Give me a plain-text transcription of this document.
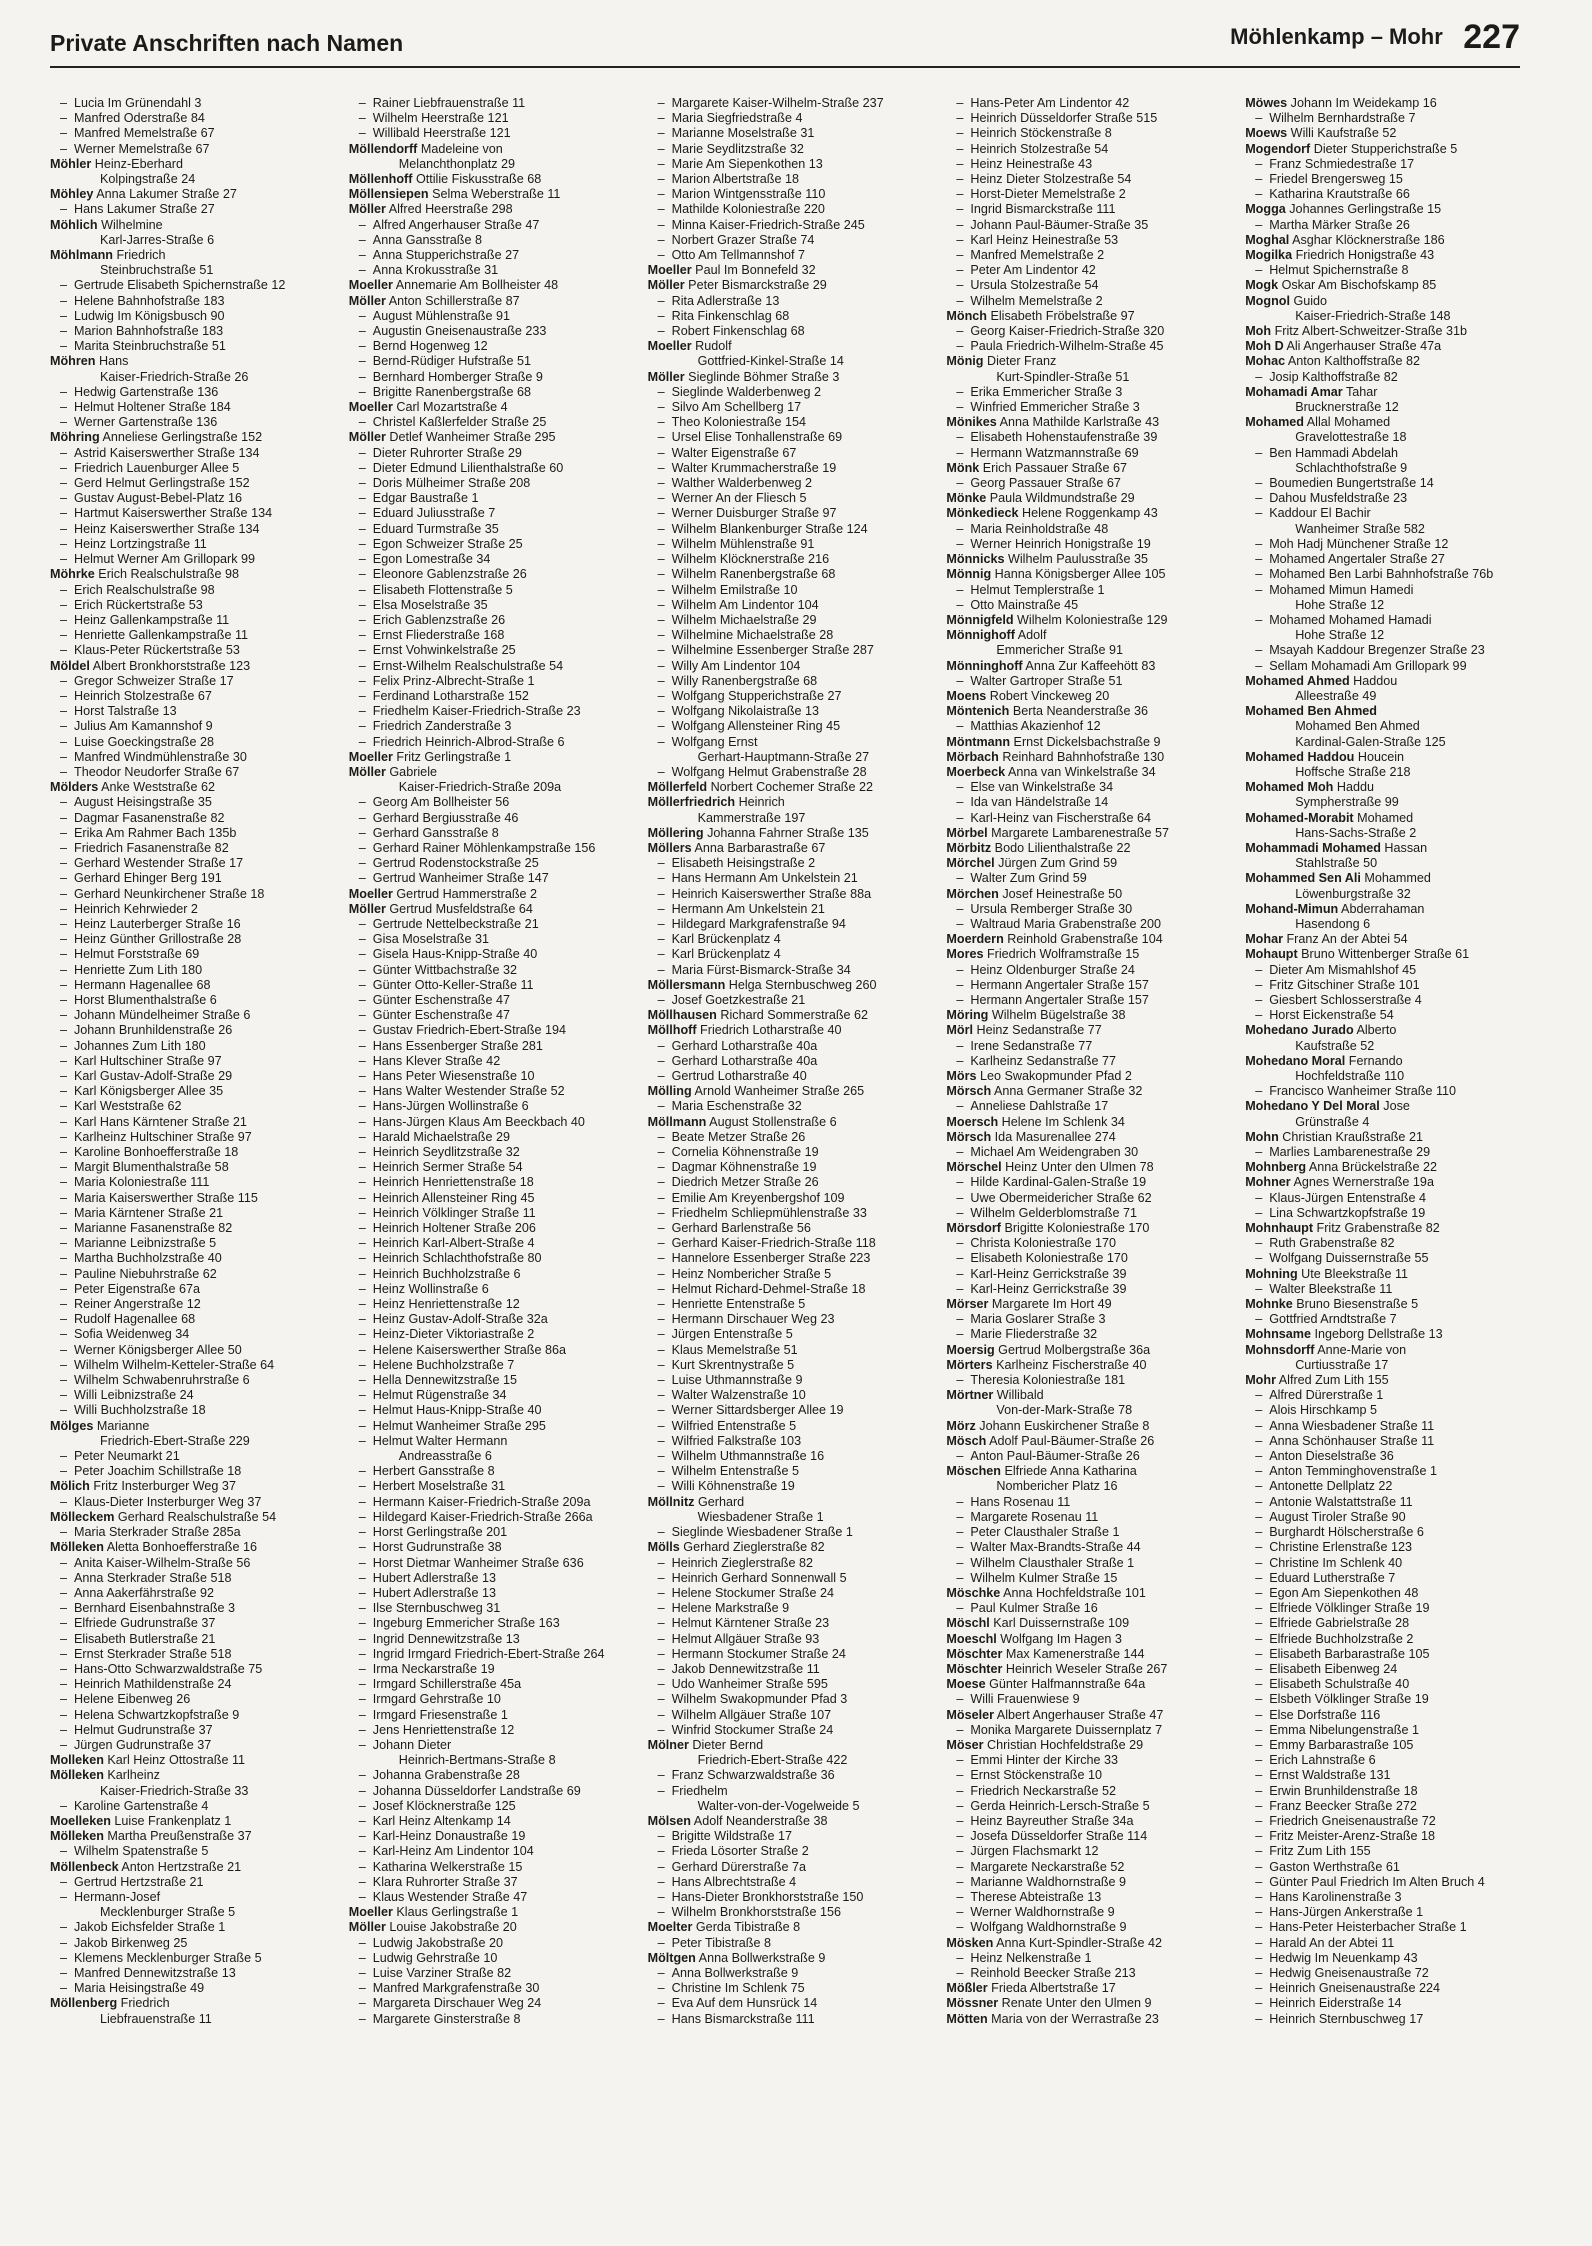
Private Anschriften nach Namen	Möhlenkamp – Mohr 227
– Lucia Im Grünendahl 3
– Manfred Oderstraße 84
– Manfred Memelstraße 67
– Werner Memelstraße 67
Möhler Heinz-Eberhard
Kolpingstraße 24
Möhley Anna Lakumer Straße 27
– Hans Lakumer Straße 27
Möhlich Wilhelmine
Karl-Jarres-Straße 6
Möhlmann Friedrich
Steinbruchstraße 51
– Gertrude Elisabeth Spichernstraße 12
– Helene Bahnhofstraße 183
– Ludwig Im Königsbusch 90
– Marion Bahnhofstraße 183
– Marita Steinbruchstraße 51
Möhren Hans
Kaiser-Friedrich-Straße 26
– Hedwig Gartenstraße 136
– Helmut Holtener Straße 184
– Werner Gartenstraße 136
Möhring Anneliese Gerlingstraße 152
– Astrid Kaiserswerther Straße 134
– Friedrich Lauenburger Allee 5
– Gerd Helmut Gerlingstraße 152
– Gustav August-Bebel-Platz 16
– Hartmut Kaiserswerther Straße 134
– Heinz Kaiserswerther Straße 134
– Heinz Lortzingstraße 11
– Helmut Werner Am Grillopark 99
Möhrke Erich Realschulstraße 98
– Erich Realschulstraße 98
– Erich Rückertstraße 53
– Heinz Gallenkampstraße 11
– Henriette Gallenkampstraße 11
– Klaus-Peter Rückertstraße 53
Möldel Albert Bronkhorststraße 123
– Gregor Schweizer Straße 17
– Heinrich Stolzestraße 67
– Horst Talstraße 13
– Julius Am Kamannshof 9
– Luise Goeckingstraße 28
– Manfred Windmühlenstraße 30
– Theodor Neudorfer Straße 67
Mölders Anke Weststraße 62
– August Heisingstraße 35
– Dagmar Fasanenstraße 82
– Erika Am Rahmer Bach 135b
– Friedrich Fasanenstraße 82
– Gerhard Westender Straße 17
– Gerhard Ehinger Berg 191
– Gerhard Neunkirchener Straße 18
– Heinrich Kehrwieder 2
– Heinz Lauterberger Straße 16
– Heinz Günther Grillostraße 28
– Helmut Forststraße 69
– Henriette Zum Lith 180
– Hermann Hagenallee 68
– Horst Blumenthalstraße 6
– Johann Mündelheimer Straße 6
– Johann Brunhildenstraße 26
– Johannes Zum Lith 180
– Karl Hultschiner Straße 97
– Karl Gustav-Adolf-Straße 29
– Karl Königsberger Allee 35
– Karl Weststraße 62
– Karl Hans Kärntener Straße 21
– Karlheinz Hultschiner Straße 97
– Karoline Bonhoefferstraße 18
– Margit Blumenthalstraße 58
– Maria Koloniestraße 111
– Maria Kaiserswerther Straße 115
– Maria Kärntener Straße 21
– Marianne Fasanenstraße 82
– Marianne Leibnizstraße 5
– Martha Buchholzstraße 40
– Pauline Niebuhrstraße 62
– Peter Eigenstraße 67a
– Reiner Angerstraße 12
– Rudolf Hagenallee 68
– Sofia Weidenweg 34
– Werner Königsberger Allee 50
– Wilhelm Wilhelm-Ketteler-Straße 64
– Wilhelm Schwabenruhrstraße 6
– Willi Leibnizstraße 24
– Willi Buchholzstraße 18
Mölges Marianne
Friedrich-Ebert-Straße 229
– Peter Neumarkt 21
– Peter Joachim Schillstraße 18
Mölich Fritz Insterburger Weg 37
– Klaus-Dieter Insterburger Weg 37
Mölleckem Gerhard Realschulstraße 54
– Maria Sterkrader Straße 285a
Mölleken Aletta Bonhoefferstraße 16
– Anita Kaiser-Wilhelm-Straße 56
– Anna Sterkrader Straße 518
– Anna Aakerfährstraße 92
– Bernhard Eisenbahnstraße 3
– Elfriede Gudrunstraße 37
– Elisabeth Butlerstraße 21
– Ernst Sterkrader Straße 518
– Hans-Otto Schwarzwaldstraße 75
– Heinrich Mathildenstraße 24
– Helene Eibenweg 26
– Helena Schwartzkopfstraße 9
– Helmut Gudrunstraße 37
– Jürgen Gudrunstraße 37
Molleken Karl Heinz Ottostraße 11
Mölleken Karlheinz
Kaiser-Friedrich-Straße 33
– Karoline Gartenstraße 4
Moelleken Luise Frankenplatz 1
Mölleken Martha Preußenstraße 37
– Wilhelm Spatenstraße 5
Möllenbeck Anton Hertzstraße 21
– Gertrud Hertzstraße 21
– Hermann-Josef
Mecklenburger Straße 5
– Jakob Eichsfelder Straße 1
– Jakob Birkenweg 25
– Klemens Mecklenburger Straße 5
– Manfred Dennewitzstraße 13
– Maria Heisingstraße 49
Möllenberg Friedrich
Liebfrauenstraße 11
– Rainer Liebfrauenstraße 11
– Wilhelm Heerstraße 121
– Willibald Heerstraße 121
Möllendorff Madeleine von
Melanchthonplatz 29
Möllenhoff Ottilie Fiskusstraße 68
Möllensiepen Selma Weberstraße 11
Möller Alfred Heerstraße 298
– Alfred Angerhauser Straße 47
– Anna Gansstraße 8
– Anna Stupperichstraße 27
– Anna Krokusstraße 31
Moeller Annemarie Am Bollheister 48
Möller Anton Schillerstraße 87
– August Mühlenstraße 91
– Augustin Gneisenaustraße 233
– Bernd Hogenweg 12
– Bernd-Rüdiger Hufstraße 51
– Bernhard Homberger Straße 9
– Brigitte Ranenbergstraße 68
Moeller Carl Mozartstraße 4
– Christel Kaßlerfelder Straße 25
Möller Detlef Wanheimer Straße 295
– Dieter Ruhrorter Straße 29
– Dieter Edmund Lilienthalstraße 60
– Doris Mülheimer Straße 208
– Edgar Baustraße 1
– Eduard Juliusstraße 7
– Eduard Turmstraße 35
– Egon Schweizer Straße 25
– Egon Lomestraße 34
– Eleonore Gablenzstraße 26
– Elisabeth Flottenstraße 5
– Elsa Moselstraße 35
– Erich Gablenzstraße 26
– Ernst Fliederstraße 168
– Ernst Vohwinkelstraße 25
– Ernst-Wilhelm Realschulstraße 54
– Felix Prinz-Albrecht-Straße 1
– Ferdinand Lotharstraße 152
– Friedhelm Kaiser-Friedrich-Straße 23
– Friedrich Zanderstraße 3
– Friedrich Heinrich-Albrod-Straße 6
Moeller Fritz Gerlingstraße 1
Möller Gabriele
Kaiser-Friedrich-Straße 209a
– Georg Am Bollheister 56
– Gerhard Bergiusstraße 46
– Gerhard Gansstraße 8
– Gerhard Rainer Möhlenkampstraße 156
– Gertrud Rodenstockstraße 25
– Gertrud Wanheimer Straße 147
Moeller Gertrud Hammerstraße 2
Möller Gertrud Musfeldstraße 64
– Gertrude Nettelbeckstraße 21
– Gisa Moselstraße 31
– Gisela Haus-Knipp-Straße 40
– Günter Wittbachstraße 32
– Günter Otto-Keller-Straße 11
– Günter Eschenstraße 47
– Günter Eschenstraße 47
– Gustav Friedrich-Ebert-Straße 194
– Hans Essenberger Straße 281
– Hans Klever Straße 42
– Hans Peter Wiesenstraße 10
– Hans Walter Westender Straße 52
– Hans-Jürgen Wollinstraße 6
– Hans-Jürgen Klaus Am Beeckbach 40
– Harald Michaelstraße 29
– Heinrich Seydlitzstraße 32
– Heinrich Sermer Straße 54
– Heinrich Henriettenstraße 18
– Heinrich Allensteiner Ring 45
– Heinrich Völklinger Straße 11
– Heinrich Holtener Straße 206
– Heinrich Karl-Albert-Straße 4
– Heinrich Schlachthofstraße 80
– Heinrich Buchholzstraße 6
– Heinz Wollinstraße 6
– Heinz Henriettenstraße 12
– Heinz Gustav-Adolf-Straße 32a
– Heinz-Dieter Viktoriastraße 2
– Helene Kaiserswerther Straße 86a
– Helene Buchholzstraße 7
– Hella Dennewitzstraße 15
– Helmut Rügenstraße 34
– Helmut Haus-Knipp-Straße 40
– Helmut Wanheimer Straße 295
– Helmut Walter Hermann
Andreasstraße 6
– Herbert Gansstraße 8
– Herbert Moselstraße 31
– Hermann Kaiser-Friedrich-Straße 209a
– Hildegard Kaiser-Friedrich-Straße 266a
– Horst Gerlingstraße 201
– Horst Gudrunstraße 38
– Horst Dietmar Wanheimer Straße 636
– Hubert Adlerstraße 13
– Hubert Adlerstraße 13
– Ilse Sternbuschweg 31
– Ingeburg Emmericher Straße 163
– Ingrid Dennewitzstraße 13
– Ingrid Irmgard Friedrich-Ebert-Straße 264
– Irma Neckarstraße 19
– Irmgard Schillerstraße 45a
– Irmgard Gehrstraße 10
– Irmgard Friesenstraße 1
– Jens Henriettenstraße 12
– Johann Dieter
Heinrich-Bertmans-Straße 8
– Johanna Grabenstraße 28
– Johanna Düsseldorfer Landstraße 69
– Josef Klöcknerstraße 125
– Karl Heinz Altenkamp 14
– Karl-Heinz Donaustraße 19
– Karl-Heinz Am Lindentor 104
– Katharina Welkerstraße 15
– Klara Ruhrorter Straße 37
– Klaus Westender Straße 47
Moeller Klaus Gerlingstraße 1
Möller Louise Jakobstraße 20
– Ludwig Jakobstraße 20
– Ludwig Gehrstraße 10
– Luise Varziner Straße 82
– Manfred Markgrafenstraße 30
– Margareta Dirschauer Weg 24
– Margarete Ginsterstraße 8
– Margarete Kaiser-Wilhelm-Straße 237
– Maria Siegfriedstraße 4
– Marianne Moselstraße 31
– Marie Seydlitzstraße 32
– Marie Am Siepenkothen 13
– Marion Albertstraße 18
– Marion Wintgensstraße 110
– Mathilde Koloniestraße 220
– Minna Kaiser-Friedrich-Straße 245
– Norbert Grazer Straße 74
– Otto Am Tellmannshof 7
Moeller Paul Im Bonnefeld 32
Möller Peter Bismarckstraße 29
– Rita Adlerstraße 13
– Rita Finkenschlag 68
– Robert Finkenschlag 68
Moeller Rudolf
Gottfried-Kinkel-Straße 14
Möller Sieglinde Böhmer Straße 3
– Sieglinde Walderbenweg 2
– Silvo Am Schellberg 17
– Theo Koloniestraße 154
– Ursel Elise Tonhallenstraße 69
– Walter Eigenstraße 67
– Walter Krummacherstraße 19
– Walther Walderbenweg 2
– Werner An der Fliesch 5
– Werner Duisburger Straße 97
– Wilhelm Blankenburger Straße 124
– Wilhelm Mühlenstraße 91
– Wilhelm Klöcknerstraße 216
– Wilhelm Ranenbergstraße 68
– Wilhelm Emilstraße 10
– Wilhelm Am Lindentor 104
– Wilhelm Michaelstraße 29
– Wilhelmine Michaelstraße 28
– Wilhelmine Essenberger Straße 287
– Willy Am Lindentor 104
– Willy Ranenbergstraße 68
– Wolfgang Stupperichstraße 27
– Wolfgang Nikolaistraße 13
– Wolfgang Allensteiner Ring 45
– Wolfgang Ernst
Gerhart-Hauptmann-Straße 27
– Wolfgang Helmut Grabenstraße 28
Möllerfeld Norbert Cochemer Straße 22
Möllerfriedrich Heinrich
Kammerstraße 197
Möllering Johanna Fahrner Straße 135
Möllers Anna Barbarastraße 67
– Elisabeth Heisingstraße 2
– Hans Hermann Am Unkelstein 21
– Heinrich Kaiserswerther Straße 88a
– Hermann Am Unkelstein 21
– Hildegard Markgrafenstraße 94
– Karl Brückenplatz 4
– Karl Brückenplatz 4
– Maria Fürst-Bismarck-Straße 34
Möllersmann Helga Sternbuschweg 260
– Josef Goetzkestraße 21
Möllhausen Richard Sommerstraße 62
Möllhoff Friedrich Lotharstraße 40
– Gerhard Lotharstraße 40a
– Gerhard Lotharstraße 40a
– Gertrud Lotharstraße 40
Mölling Arnold Wanheimer Straße 265
– Maria Eschenstraße 32
Möllmann August Stollenstraße 6
– Beate Metzer Straße 26
– Cornelia Köhnenstraße 19
– Dagmar Köhnenstraße 19
– Diedrich Metzer Straße 26
– Emilie Am Kreyenbergshof 109
– Friedhelm Schliepmühlenstraße 33
– Gerhard Barlenstraße 56
– Gerhard Kaiser-Friedrich-Straße 118
– Hannelore Essenberger Straße 223
– Heinz Nombericher Straße 5
– Helmut Richard-Dehmel-Straße 18
– Henriette Entenstraße 5
– Hermann Dirschauer Weg 23
– Jürgen Entenstraße 5
– Klaus Memelstraße 51
– Kurt Skrentnystraße 5
– Luise Uthmannstraße 9
– Walter Walzenstraße 10
– Werner Sittardsberger Allee 19
– Wilfried Entenstraße 5
– Wilfried Falkstraße 103
– Wilhelm Uthmannstraße 16
– Wilhelm Entenstraße 5
– Willi Köhnenstraße 19
Möllnitz Gerhard
Wiesbadener Straße 1
– Sieglinde Wiesbadener Straße 1
Mölls Gerhard Zieglerstraße 82
– Heinrich Zieglerstraße 82
– Heinrich Gerhard Sonnenwall 5
– Helene Stockumer Straße 24
– Helene Markstraße 9
– Helmut Kärntener Straße 23
– Helmut Allgäuer Straße 93
– Hermann Stockumer Straße 24
– Jakob Dennewitzstraße 11
– Udo Wanheimer Straße 595
– Wilhelm Swakopmunder Pfad 3
– Wilhelm Allgäuer Straße 107
– Winfrid Stockumer Straße 24
Mölner Dieter Bernd
Friedrich-Ebert-Straße 422
– Franz Schwarzwaldstraße 36
– Friedhelm
Walter-von-der-Vogelweide 5
Mölsen Adolf Neanderstraße 38
– Brigitte Wildstraße 17
– Frieda Lösorter Straße 2
– Gerhard Dürerstraße 7a
– Hans Albrechtstraße 4
– Hans-Dieter Bronkhorststraße 150
– Wilhelm Bronkhorststraße 156
Moelter Gerda Tibistraße 8
– Peter Tibistraße 8
Möltgen Anna Bollwerkstraße 9
– Anna Bollwerkstraße 9
– Christine Im Schlenk 75
– Eva Auf dem Hunsrück 14
– Hans Bismarckstraße 111
– Hans-Peter Am Lindentor 42
– Heinrich Düsseldorfer Straße 515
– Heinrich Stöckenstraße 8
– Heinrich Stolzestraße 54
– Heinz Heinestraße 43
– Heinz Dieter Stolzestraße 54
– Horst-Dieter Memelstraße 2
– Ingrid Bismarckstraße 111
– Johann Paul-Bäumer-Straße 35
– Karl Heinz Heinestraße 53
– Manfred Memelstraße 2
– Peter Am Lindentor 42
– Ursula Stolzestraße 54
– Wilhelm Memelstraße 2
Mönch Elisabeth Fröbelstraße 97
– Georg Kaiser-Friedrich-Straße 320
– Paula Friedrich-Wilhelm-Straße 45
Mönig Dieter Franz
Kurt-Spindler-Straße 51
– Erika Emmericher Straße 3
– Winfried Emmericher Straße 3
Mönikes Anna Mathilde Karlstraße 43
– Elisabeth Hohenstaufenstraße 39
– Hermann Watzmannstraße 69
Mönk Erich Passauer Straße 67
– Georg Passauer Straße 67
Mönke Paula Wildmundstraße 29
Mönkedieck Helene Roggenkamp 43
– Maria Reinholdstraße 48
– Werner Heinrich Honigstraße 19
Mönnicks Wilhelm Paulusstraße 35
Mönnig Hanna Königsberger Allee 105
– Helmut Templerstraße 1
– Otto Mainstraße 45
Mönnigfeld Wilhelm Koloniestraße 129
Mönnighoff Adolf
Emmericher Straße 91
Mönninghoff Anna Zur Kaffeehött 83
– Walter Gartroper Straße 51
Moens Robert Vinckeweg 20
Möntenich Berta Neanderstraße 36
– Matthias Akazienhof 12
Möntmann Ernst Dickelsbachstraße 9
Mörbach Reinhard Bahnhofstraße 130
Moerbeck Anna van Winkelstraße 34
– Else van Winkelstraße 34
– Ida van Händelstraße 14
– Karl-Heinz van Fischerstraße 64
Mörbel Margarete Lambarenestraße 57
Mörbitz Bodo Lilienthalstraße 22
Mörchel Jürgen Zum Grind 59
– Walter Zum Grind 59
Mörchen Josef Heinestraße 50
– Ursula Remberger Straße 30
– Waltraud Maria Grabenstraße 200
Moerdern Reinhold Grabenstraße 104
Mores Friedrich Wolframstraße 15
– Heinz Oldenburger Straße 24
– Hermann Angertaler Straße 157
– Hermann Angertaler Straße 157
Möring Wilhelm Bügelstraße 38
Mörl Heinz Sedanstraße 77
– Irene Sedanstraße 77
– Karlheinz Sedanstraße 77
Mörs Leo Swakopmunder Pfad 2
Mörsch Anna Germaner Straße 32
– Anneliese Dahlstraße 17
Moersch Helene Im Schlenk 34
Mörsch Ida Masurenallee 274
– Michael Am Weidengraben 30
Mörschel Heinz Unter den Ulmen 78
– Hilde Kardinal-Galen-Straße 19
– Uwe Obermeidericher Straße 62
– Wilhelm Gelderblomstraße 71
Mörsdorf Brigitte Koloniestraße 170
– Christa Koloniestraße 170
– Elisabeth Koloniestraße 170
– Karl-Heinz Gerrickstraße 39
– Karl-Heinz Gerrickstraße 39
Mörser Margarete Im Hort 49
– Maria Goslarer Straße 3
– Marie Fliederstraße 32
Moersig Gertrud Molbergstraße 36a
Mörters Karlheinz Fischerstraße 40
– Theresia Koloniestraße 181
Mörtner Willibald
Von-der-Mark-Straße 78
Mörz Johann Euskirchener Straße 8
Mösch Adolf Paul-Bäumer-Straße 26
– Anton Paul-Bäumer-Straße 26
Möschen Elfriede Anna Katharina
Nombericher Platz 16
– Hans Rosenau 11
– Margarete Rosenau 11
– Peter Clausthaler Straße 1
– Walter Max-Brandts-Straße 44
– Wilhelm Clausthaler Straße 1
– Wilhelm Kulmer Straße 15
Möschke Anna Hochfeldstraße 101
– Paul Kulmer Straße 16
Möschl Karl Duissernstraße 109
Moeschl Wolfgang Im Hagen 3
Möschter Max Kamenerstraße 144
Möschter Heinrich Weseler Straße 267
Moese Günter Halfmannstraße 64a
– Willi Frauenwiese 9
Möseler Albert Angerhauser Straße 47
– Monika Margarete Duissernplatz 7
Möser Christian Hochfeldstraße 29
– Emmi Hinter der Kirche 33
– Ernst Stöckenstraße 10
– Friedrich Neckarstraße 52
– Gerda Heinrich-Lersch-Straße 5
– Heinz Bayreuther Straße 34a
– Josefa Düsseldorfer Straße 114
– Jürgen Flachsmarkt 12
– Margarete Neckarstraße 52
– Marianne Waldhornstraße 9
– Therese Abteistraße 13
– Werner Waldhornstraße 9
– Wolfgang Waldhornstraße 9
Mösken Anna Kurt-Spindler-Straße 42
– Heinz Nelkenstraße 1
– Reinhold Beecker Straße 213
Mößler Frieda Albertstraße 17
Mössner Renate Unter den Ulmen 9
Mötten Maria von der Werrastraße 23
Möwes Johann Im Weidekamp 16
– Wilhelm Bernhardstraße 7
Moews Willi Kaufstraße 52
Mogendorf Dieter Stupperichstraße 5
– Franz Schmiedestraße 17
– Friedel Brengersweg 15
– Katharina Krautstraße 66
Mogga Johannes Gerlingstraße 15
– Martha Märker Straße 26
Moghal Asghar Klöcknerstraße 186
Mogilka Friedrich Honigstraße 43
– Helmut Spichernstraße 8
Mogk Oskar Am Bischofskamp 85
Mognol Guido
Kaiser-Friedrich-Straße 148
Moh Fritz Albert-Schweitzer-Straße 31b
Moh D Ali Angerhauser Straße 47a
Mohac Anton Kalthoffstraße 82
– Josip Kalthoffstraße 82
Mohamadi Amar Tahar
Brucknerstraße 12
Mohamed Allal Mohamed
Gravelottestraße 18
– Ben Hammadi Abdelah
Schlachthofstraße 9
– Boumedien Bungertstraße 14
– Dahou Musfeldstraße 23
– Kaddour El Bachir
Wanheimer Straße 582
– Moh Hadj Münchener Straße 12
– Mohamed Angertaler Straße 27
– Mohamed Ben Larbi Bahnhofstraße 76b
– Mohamed Mimun Hamedi
Hohe Straße 12
– Mohamed Mohamed Hamadi
Hohe Straße 12
– Msayah Kaddour Bregenzer Straße 23
– Sellam Mohamadi Am Grillopark 99
Mohamed Ahmed Haddou
Alleestraße 49
Mohamed Ben Ahmed
Mohamed Ben Ahmed
Kardinal-Galen-Straße 125
Mohamed Haddou Houcein
Hoffsche Straße 218
Mohamed Moh Haddu
Sympherstraße 99
Mohamed-Morabit Mohamed
Hans-Sachs-Straße 2
Mohammadi Mohamed Hassan
Stahlstraße 50
Mohammed Sen Ali Mohammed
Löwenburgstraße 32
Mohand-Mimun Abderrahaman
Hasendong 6
Mohar Franz An der Abtei 54
Mohaupt Bruno Wittenberger Straße 61
– Dieter Am Mismahlshof 45
– Fritz Gitschiner Straße 101
– Giesbert Schlosserstraße 4
– Horst Eickenstraße 54
Mohedano Jurado Alberto
Kaufstraße 52
Mohedano Moral Fernando
Hochfeldstraße 110
– Francisco Wanheimer Straße 110
Mohedano Y Del Moral Jose
Grünstraße 4
Mohn Christian Kraußstraße 21
– Marlies Lambarenestraße 29
Mohnberg Anna Brückelstraße 22
Mohner Agnes Wernerstraße 19a
– Klaus-Jürgen Entenstraße 4
– Lina Schwartzkopfstraße 19
Mohnhaupt Fritz Grabenstraße 82
– Ruth Grabenstraße 82
– Wolfgang Duissernstraße 55
Mohning Ute Bleekstraße 11
– Walter Bleekstraße 11
Mohnke Bruno Biesenstraße 5
– Gottfried Arndtstraße 7
Mohnsame Ingeborg Dellstraße 13
Mohnsdorff Anne-Marie von
Curtiusstraße 17
Mohr Alfred Zum Lith 155
– Alfred Dürerstraße 1
– Alois Hirschkamp 5
– Anna Wiesbadener Straße 11
– Anna Schönhauser Straße 11
– Anton Dieselstraße 36
– Anton Temminghovenstraße 1
– Antonette Dellplatz 22
– Antonie Walstattstraße 11
– August Tiroler Straße 90
– Burghardt Hölscherstraße 6
– Christine Erlenstraße 123
– Christine Im Schlenk 40
– Eduard Lutherstraße 7
– Egon Am Siepenkothen 48
– Elfriede Völklinger Straße 19
– Elfriede Gabrielstraße 28
– Elfriede Buchholzstraße 2
– Elisabeth Barbarastraße 105
– Elisabeth Eibenweg 24
– Elisabeth Schulstraße 40
– Elsbeth Völklinger Straße 19
– Else Dorfstraße 116
– Emma Nibelungenstraße 1
– Emmy Barbarastraße 105
– Erich Lahnstraße 6
– Ernst Waldstraße 131
– Erwin Brunhildenstraße 18
– Franz Beecker Straße 272
– Friedrich Gneisenaustraße 72
– Fritz Meister-Arenz-Straße 18
– Fritz Zum Lith 155
– Gaston Werthstraße 61
– Günter Paul Friedrich Im Alten Bruch 4
– Hans Karolinenstraße 3
– Hans-Jürgen Ankerstraße 1
– Hans-Peter Heisterbacher Straße 1
– Harald An der Abtei 11
– Hedwig Im Neuenkamp 43
– Hedwig Gneisenaustraße 72
– Heinrich Gneisenaustraße 224
– Heinrich Eiderstraße 14
– Heinrich Sternbuschweg 17
